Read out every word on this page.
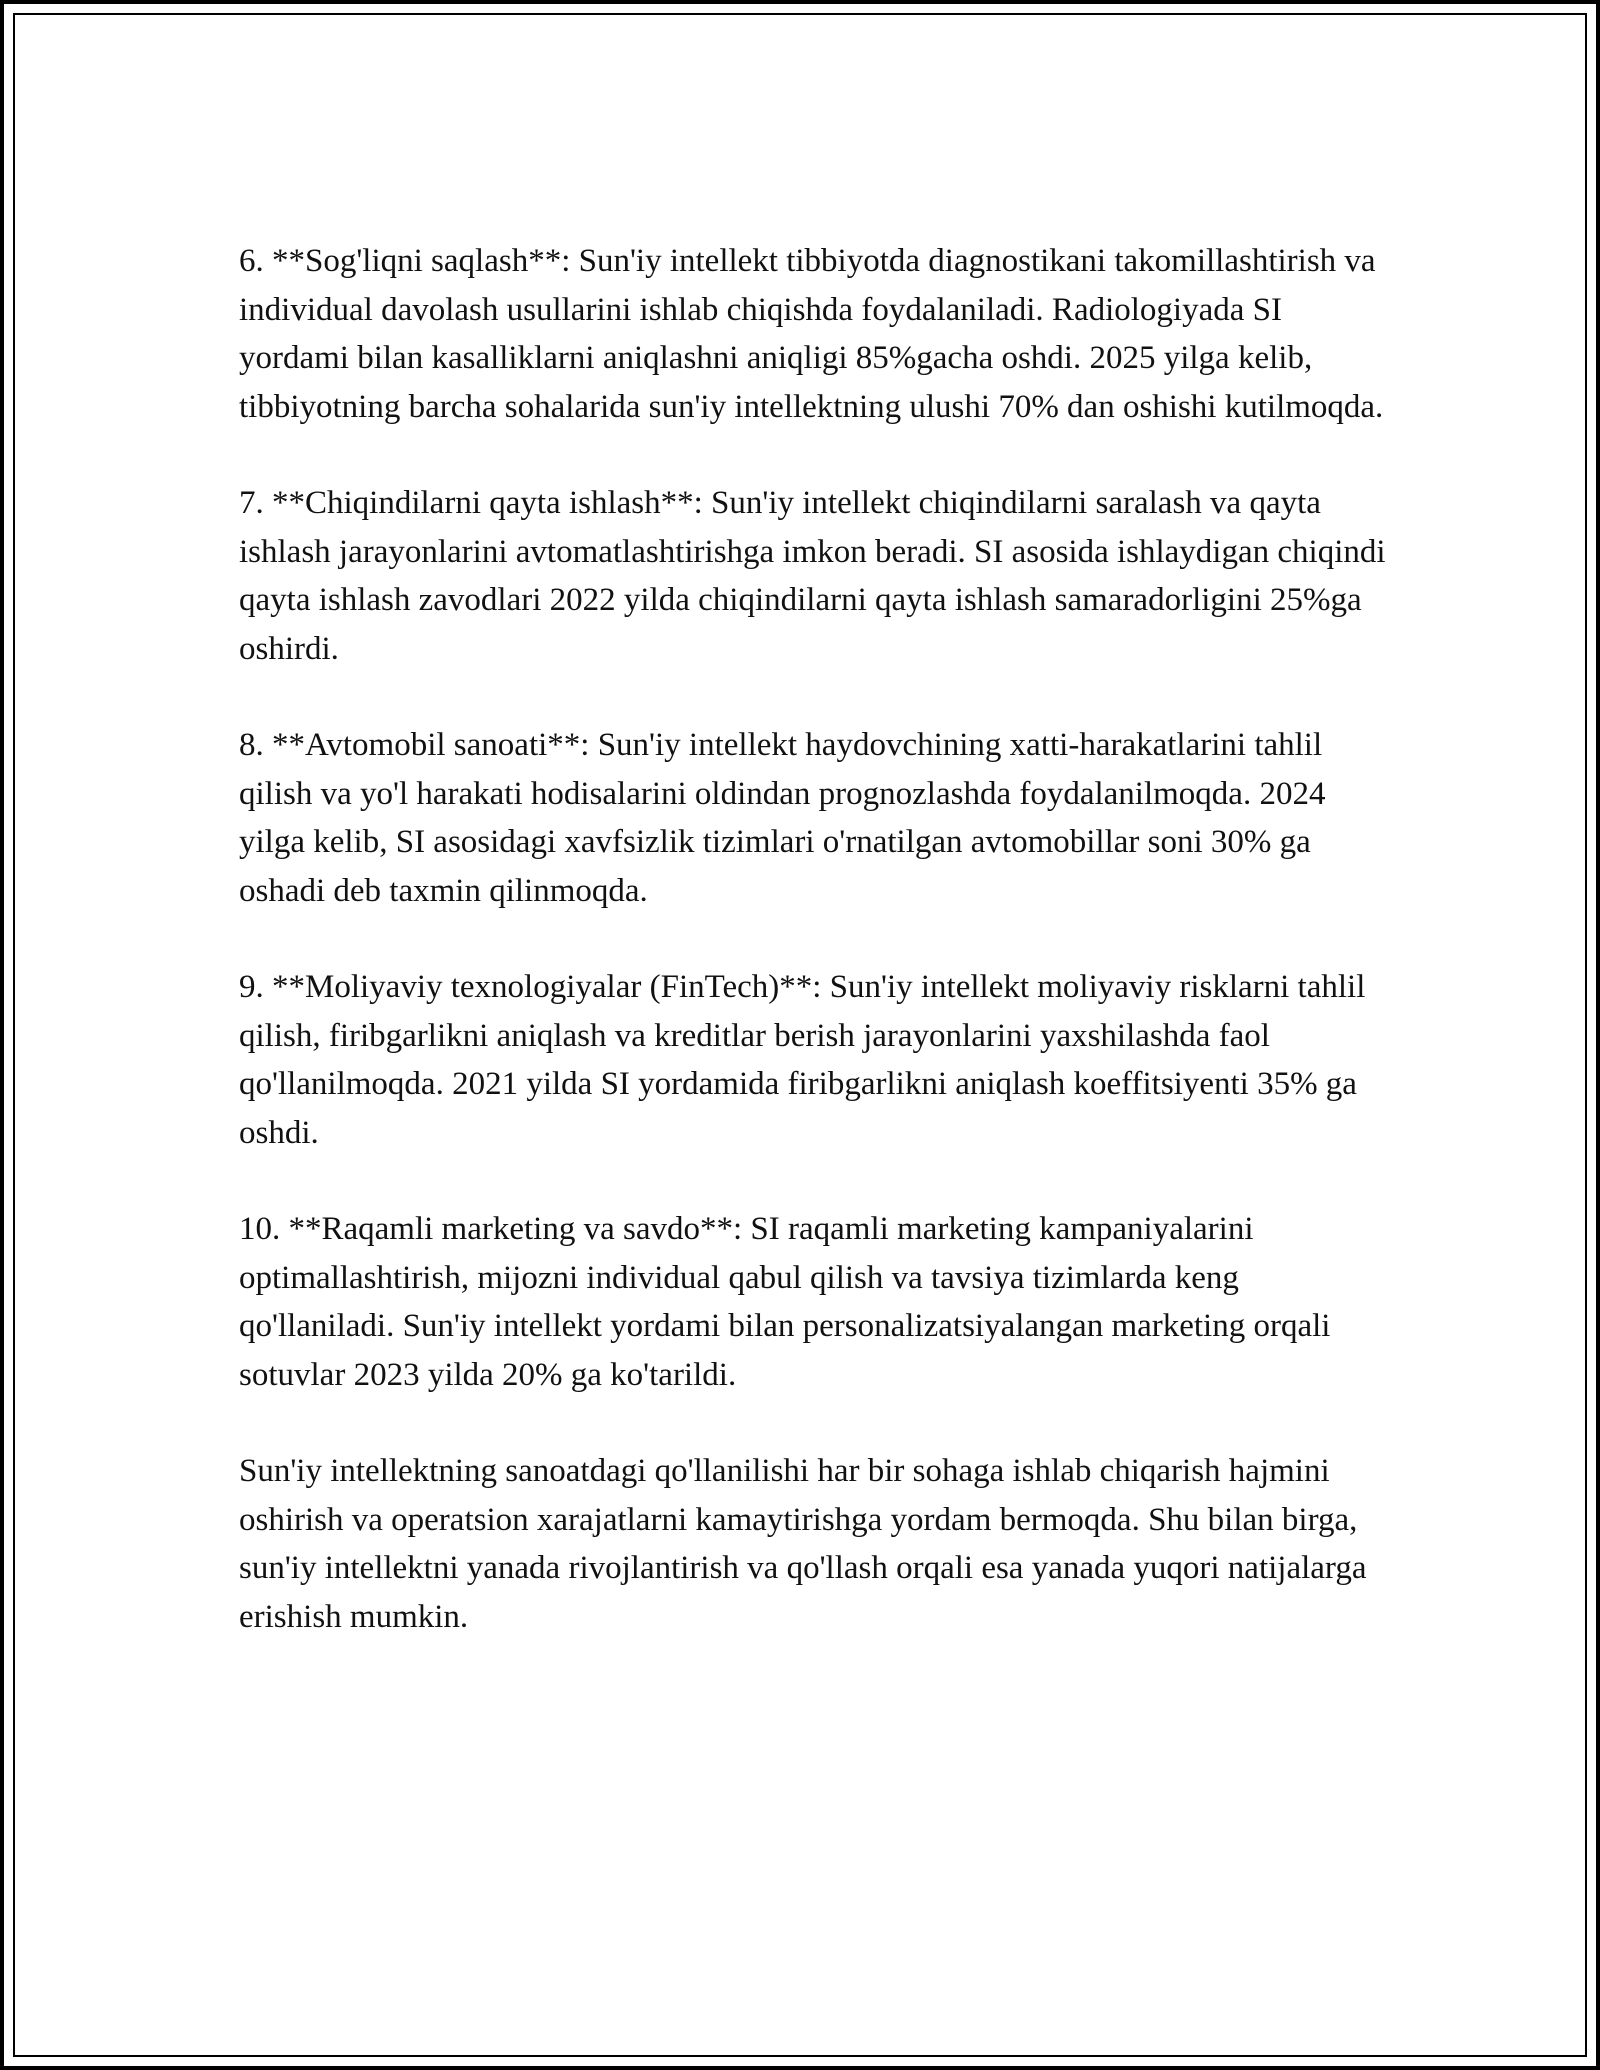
6. **Sog'liqni saqlash**: Sun'iy intellekt tibbiyotda diagnostikani takomillashtirish va individual davolash usullarini ishlab chiqishda foydalaniladi. Radiologiyada SI yordami bilan kasalliklarni aniqlashni aniqligi 85%gacha oshdi. 2025 yilga kelib, tibbiyotning barcha sohalarida sun'iy intellektning ulushi 70% dan oshishi kutilmoqda.

7. **Chiqindilarni qayta ishlash**: Sun'iy intellekt chiqindilarni saralash va qayta ishlash jarayonlarini avtomatlashtirishga imkon beradi. SI asosida ishlaydigan chiqindi qayta ishlash zavodlari 2022 yilda chiqindilarni qayta ishlash samaradorligini 25%ga oshirdi.

8. **Avtomobil sanoati**: Sun'iy intellekt haydovchining xatti-harakatlarini tahlil qilish va yo'l harakati hodisalarini oldindan prognozlashda foydalanilmoqda. 2024 yilga kelib, SI asosidagi xavfsizlik tizimlari o'rnatilgan avtomobillar soni 30% ga oshadi deb taxmin qilinmoqda.

9. **Moliyaviy texnologiyalar (FinTech)**: Sun'iy intellekt moliyaviy risklarni tahlil qilish, firibgarlikni aniqlash va kreditlar berish jarayonlarini yaxshilashda faol qo'llanilmoqda. 2021 yilda SI yordamida firibgarlikni aniqlash koeffitsiyenti 35% ga oshdi.

10. **Raqamli marketing va savdo**: SI raqamli marketing kampaniyalarini optimallashtirish, mijozni individual qabul qilish va tavsiya tizimlarda keng qo'llaniladi. Sun'iy intellekt yordami bilan personalizatsiyalangan marketing orqali sotuvlar 2023 yilda 20% ga ko'tarildi.

Sun'iy intellektning sanoatdagi qo'llanilishi har bir sohaga ishlab chiqarish hajmini oshirish va operatsion xarajatlarni kamaytirishga yordam bermoqda. Shu bilan birga, sun'iy intellektni yanada rivojlantirish va qo'llash orqali esa yanada yuqori natijalarga erishish mumkin.
